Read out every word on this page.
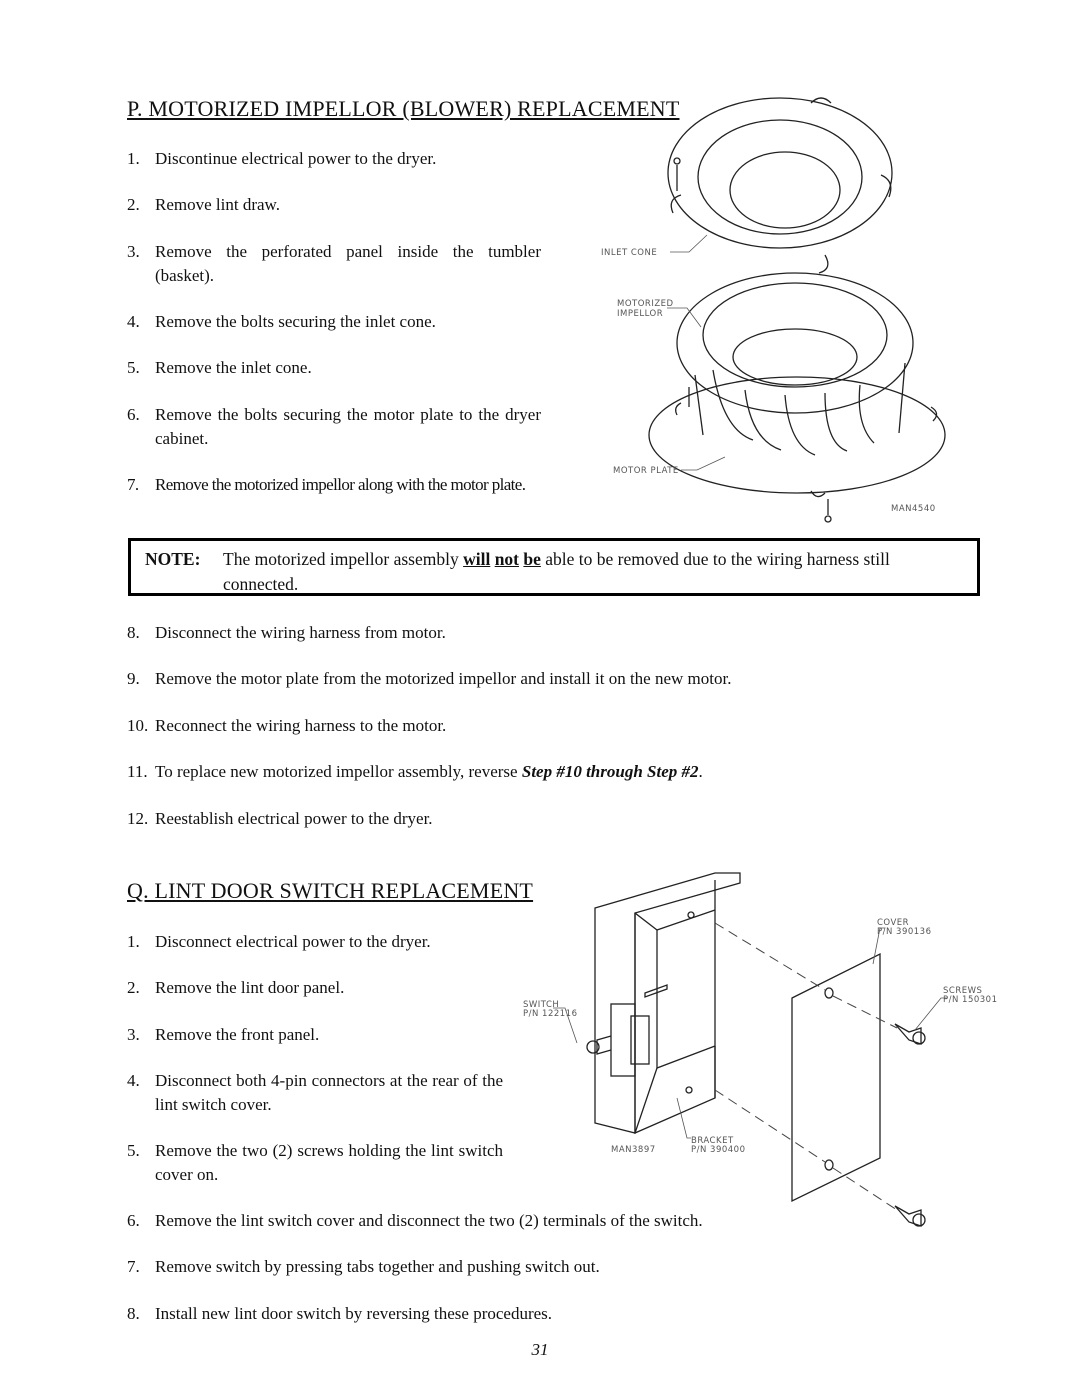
P. MOTORIZED IMPELLOR (BLOWER) REPLACEMENT
1. Discontinue electrical power to the dryer.
2. Remove lint draw.
3. Remove the perforated panel inside the tumbler (basket).
4. Remove the bolts securing the inlet cone.
5. Remove the inlet cone.
6. Remove the bolts securing the motor plate to the dryer cabinet.
7. Remove the motorized impellor along with the motor plate.
INLET CONE
MOTORIZED
IMPELLOR
MOTOR PLATE
MAN4540
NOTE: The motorized impellor assembly will not be able to be removed due to the wiring harness still connected.
8. Disconnect the wiring harness from motor.
9. Remove the motor plate from the motorized impellor and install it on the new motor.
10. Reconnect the wiring harness to the motor.
11. To replace new motorized impellor assembly, reverse Step #10 through Step #2.
12. Reestablish electrical power to the dryer.
Q. LINT DOOR SWITCH REPLACEMENT
1. Disconnect electrical power to the dryer.
2. Remove the lint door panel.
3. Remove the front panel.
4. Disconnect both 4-pin connectors at the rear of the lint switch cover.
5. Remove the two (2) screws holding the lint switch cover on.
6. Remove the lint switch cover and disconnect the two (2) terminals of the switch.
7. Remove switch by pressing tabs together and pushing switch out.
8. Install new lint door switch by reversing these procedures.
COVER
P/N 390136
SCREWS
P/N 150301
SWITCH
P/N 122116
BRACKET
P/N 390400
MAN3897
31
